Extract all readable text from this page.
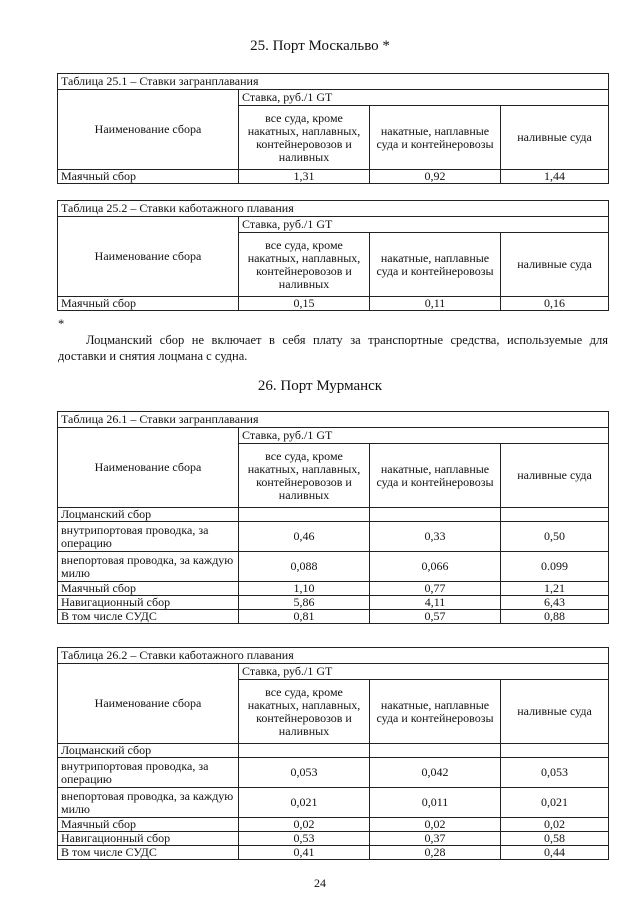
25. Порт Москальво *
Таблица 25.1 – Ставки загранплавания			
Наименование сбора	Ставка, руб./1 GT		
	все суда, кроме накатных, наплавных, контейнеровозов и наливных	накатные, наплавные суда и контейнеровозы	наливные суда
Маячный сбор	1,31	0,92	1,44
Таблица 25.2 – Ставки каботажного плавания			
Наименование сбора	Ставка, руб./1 GT		
	все суда, кроме накатных, наплавных, контейнеровозов и наливных	накатные, наплавные суда и контейнеровозы	наливные суда
Маячный сбор	0,15	0,11	0,16
*
Лоцманский сбор не включает в себя плату за транспортные средства, используемые для доставки и снятия лоцмана с судна.
26. Порт Мурманск
Таблица 26.1 – Ставки загранплавания			
Наименование сбора	Ставка, руб./1 GT		
	все суда, кроме накатных, наплавных, контейнеровозов и наливных	накатные, наплавные суда и контейнеровозы	наливные суда
Лоцманский сбор			
внутрипортовая проводка, за операцию	0,46	0,33	0,50
внепортовая проводка, за каждую милю	0,088	0,066	0.099
Маячный сбор	1,10	0,77	1,21
Навигационный сбор	5,86	4,11	6,43
В том числе СУДС	0,81	0,57	0,88
Таблица 26.2 – Ставки каботажного плавания			
Наименование сбора	Ставка, руб./1 GT		
	все суда, кроме накатных, наплавных, контейнеровозов и наливных	накатные, наплавные суда и контейнеровозы	наливные суда
Лоцманский сбор			
внутрипортовая проводка, за операцию	0,053	0,042	0,053
внепортовая проводка, за каждую милю	0,021	0,011	0,021
Маячный сбор	0,02	0,02	0,02
Навигационный сбор	0,53	0,37	0,58
В том числе СУДС	0,41	0,28	0,44
24
